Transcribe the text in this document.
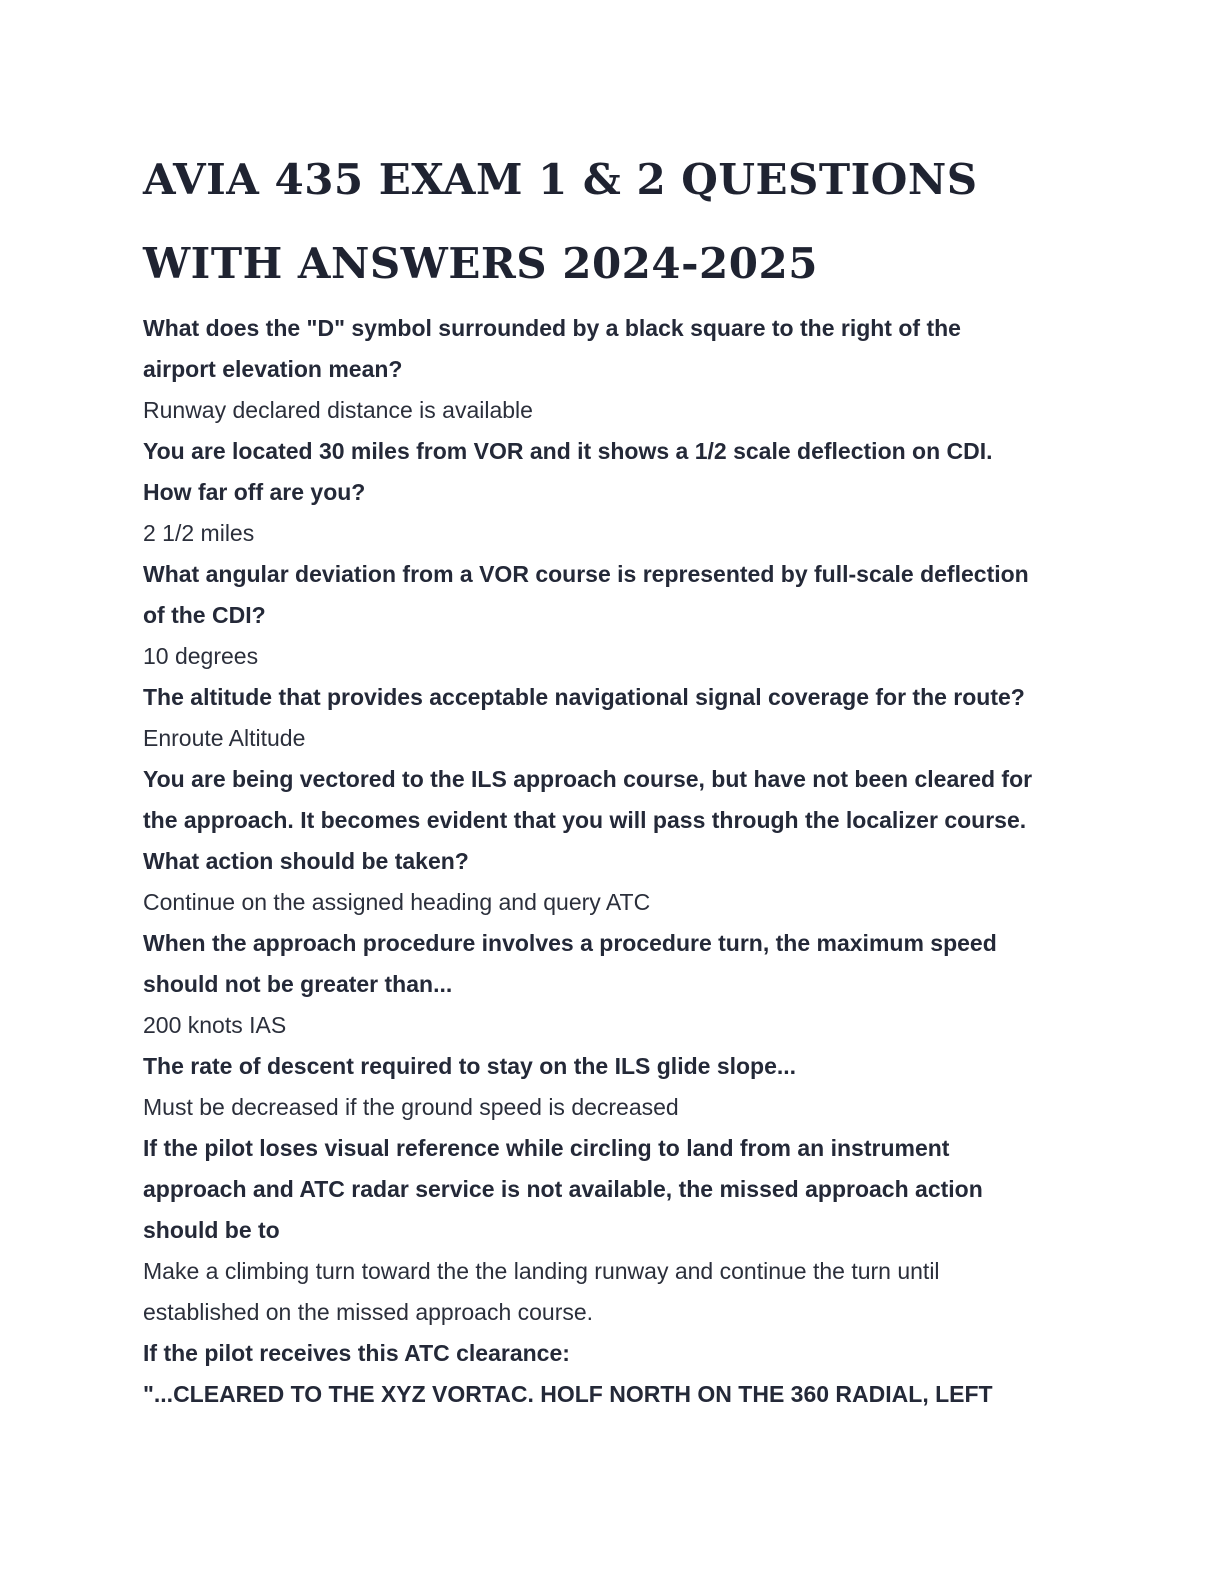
AVIA 435 EXAM 1 & 2 QUESTIONS
WITH ANSWERS 2024-2025

What does the "D" symbol surrounded by a black square to the right of the
airport elevation mean?

Runway declared distance is available

You are located 30 miles from VOR and it shows a 1/2 scale deflection on CDI.
How far off are you?

2 1/2 miles

What angular deviation from a VOR course is represented by full-scale deflection
of the CDI?

10 degrees

The altitude that provides acceptable navigational signal coverage for the route?

Enroute Altitude

You are being vectored to the ILS approach course, but have not been cleared for
the approach. It becomes evident that you will pass through the localizer course.
What action should be taken?

Continue on the assigned heading and query ATC

When the approach procedure involves a procedure turn, the maximum speed
should not be greater than...

200 knots IAS

The rate of descent required to stay on the ILS glide slope...

Must be decreased if the ground speed is decreased

If the pilot loses visual reference while circling to land from an instrument
approach and ATC radar service is not available, the missed approach action
should be to

Make a climbing turn toward the the landing runway and continue the turn until
established on the missed approach course.

If the pilot receives this ATC clearance:
"...CLEARED TO THE XYZ VORTAC. HOLF NORTH ON THE 360 RADIAL, LEFT
